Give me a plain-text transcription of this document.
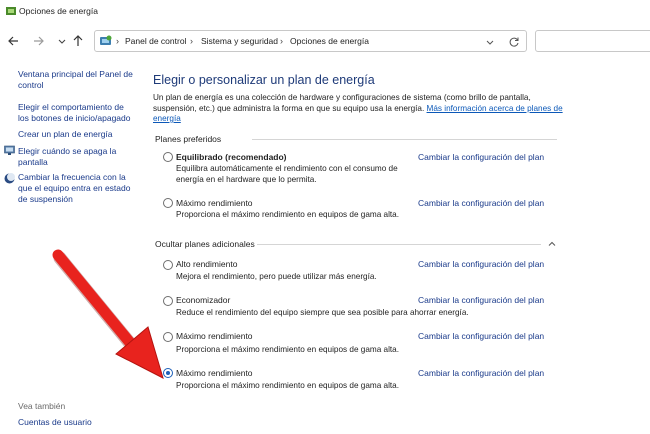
Opciones de energía
› Panel de control › Sistema y seguridad › Opciones de energía
Ventana principal del Panel de control
Elegir el comportamiento de los botones de inicio/apagado
Crear un plan de energía
Elegir cuándo se apaga la pantalla
Cambiar la frecuencia con la que el equipo entra en estado de suspensión
Vea también
Cuentas de usuario
Elegir o personalizar un plan de energía
Un plan de energía es una colección de hardware y configuraciones de sistema (como brillo de pantalla, suspensión, etc.) que administra la forma en que su equipo usa la energía. Más información acerca de planes de energía
Planes preferidos
Equilibrado (recomendado)
Equilibra automáticamente el rendimiento con el consumo de energía en el hardware que lo permita.
Cambiar la configuración del plan
Máximo rendimiento
Proporciona el máximo rendimiento en equipos de gama alta.
Cambiar la configuración del plan
Ocultar planes adicionales
Alto rendimiento
Mejora el rendimiento, pero puede utilizar más energía.
Cambiar la configuración del plan
Economizador
Reduce el rendimiento del equipo siempre que sea posible para ahorrar energía.
Cambiar la configuración del plan
Máximo rendimiento
Proporciona el máximo rendimiento en equipos de gama alta.
Cambiar la configuración del plan
Máximo rendimiento
Proporciona el máximo rendimiento en equipos de gama alta.
Cambiar la configuración del plan
